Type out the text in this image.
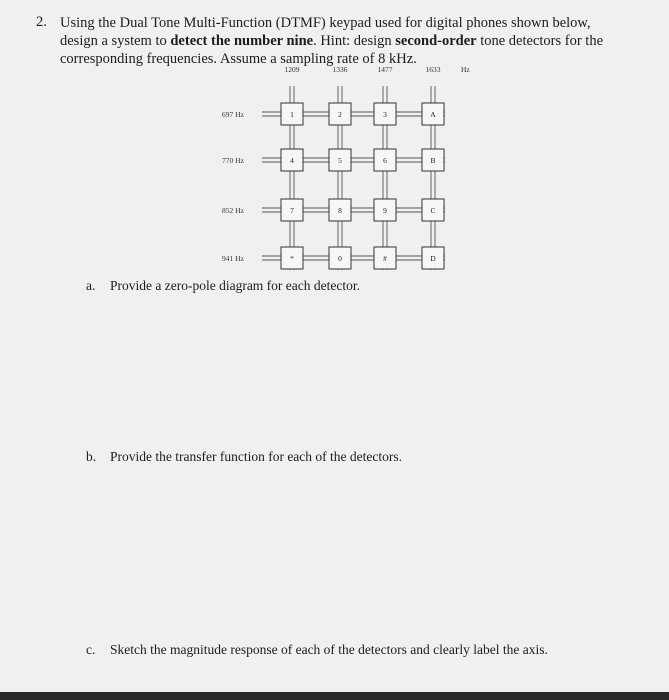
2. Using the Dual Tone Multi-Function (DTMF) keypad used for digital phones shown below,
design a system to detect the number nine. Hint: design second-order tone detectors for the
corresponding frequencies. Assume a sampling rate of 8 kHz.
1209	1336	1477	1633	Hz
697 Hz
770 Hz
852 Hz
941 Hz
1	2	3	A
4	5	6	B
7	8	9	C
*	0	#	D
a. Provide a zero-pole diagram for each detector.
b. Provide the transfer function for each of the detectors.
c. Sketch the magnitude response of each of the detectors and clearly label the axis.
